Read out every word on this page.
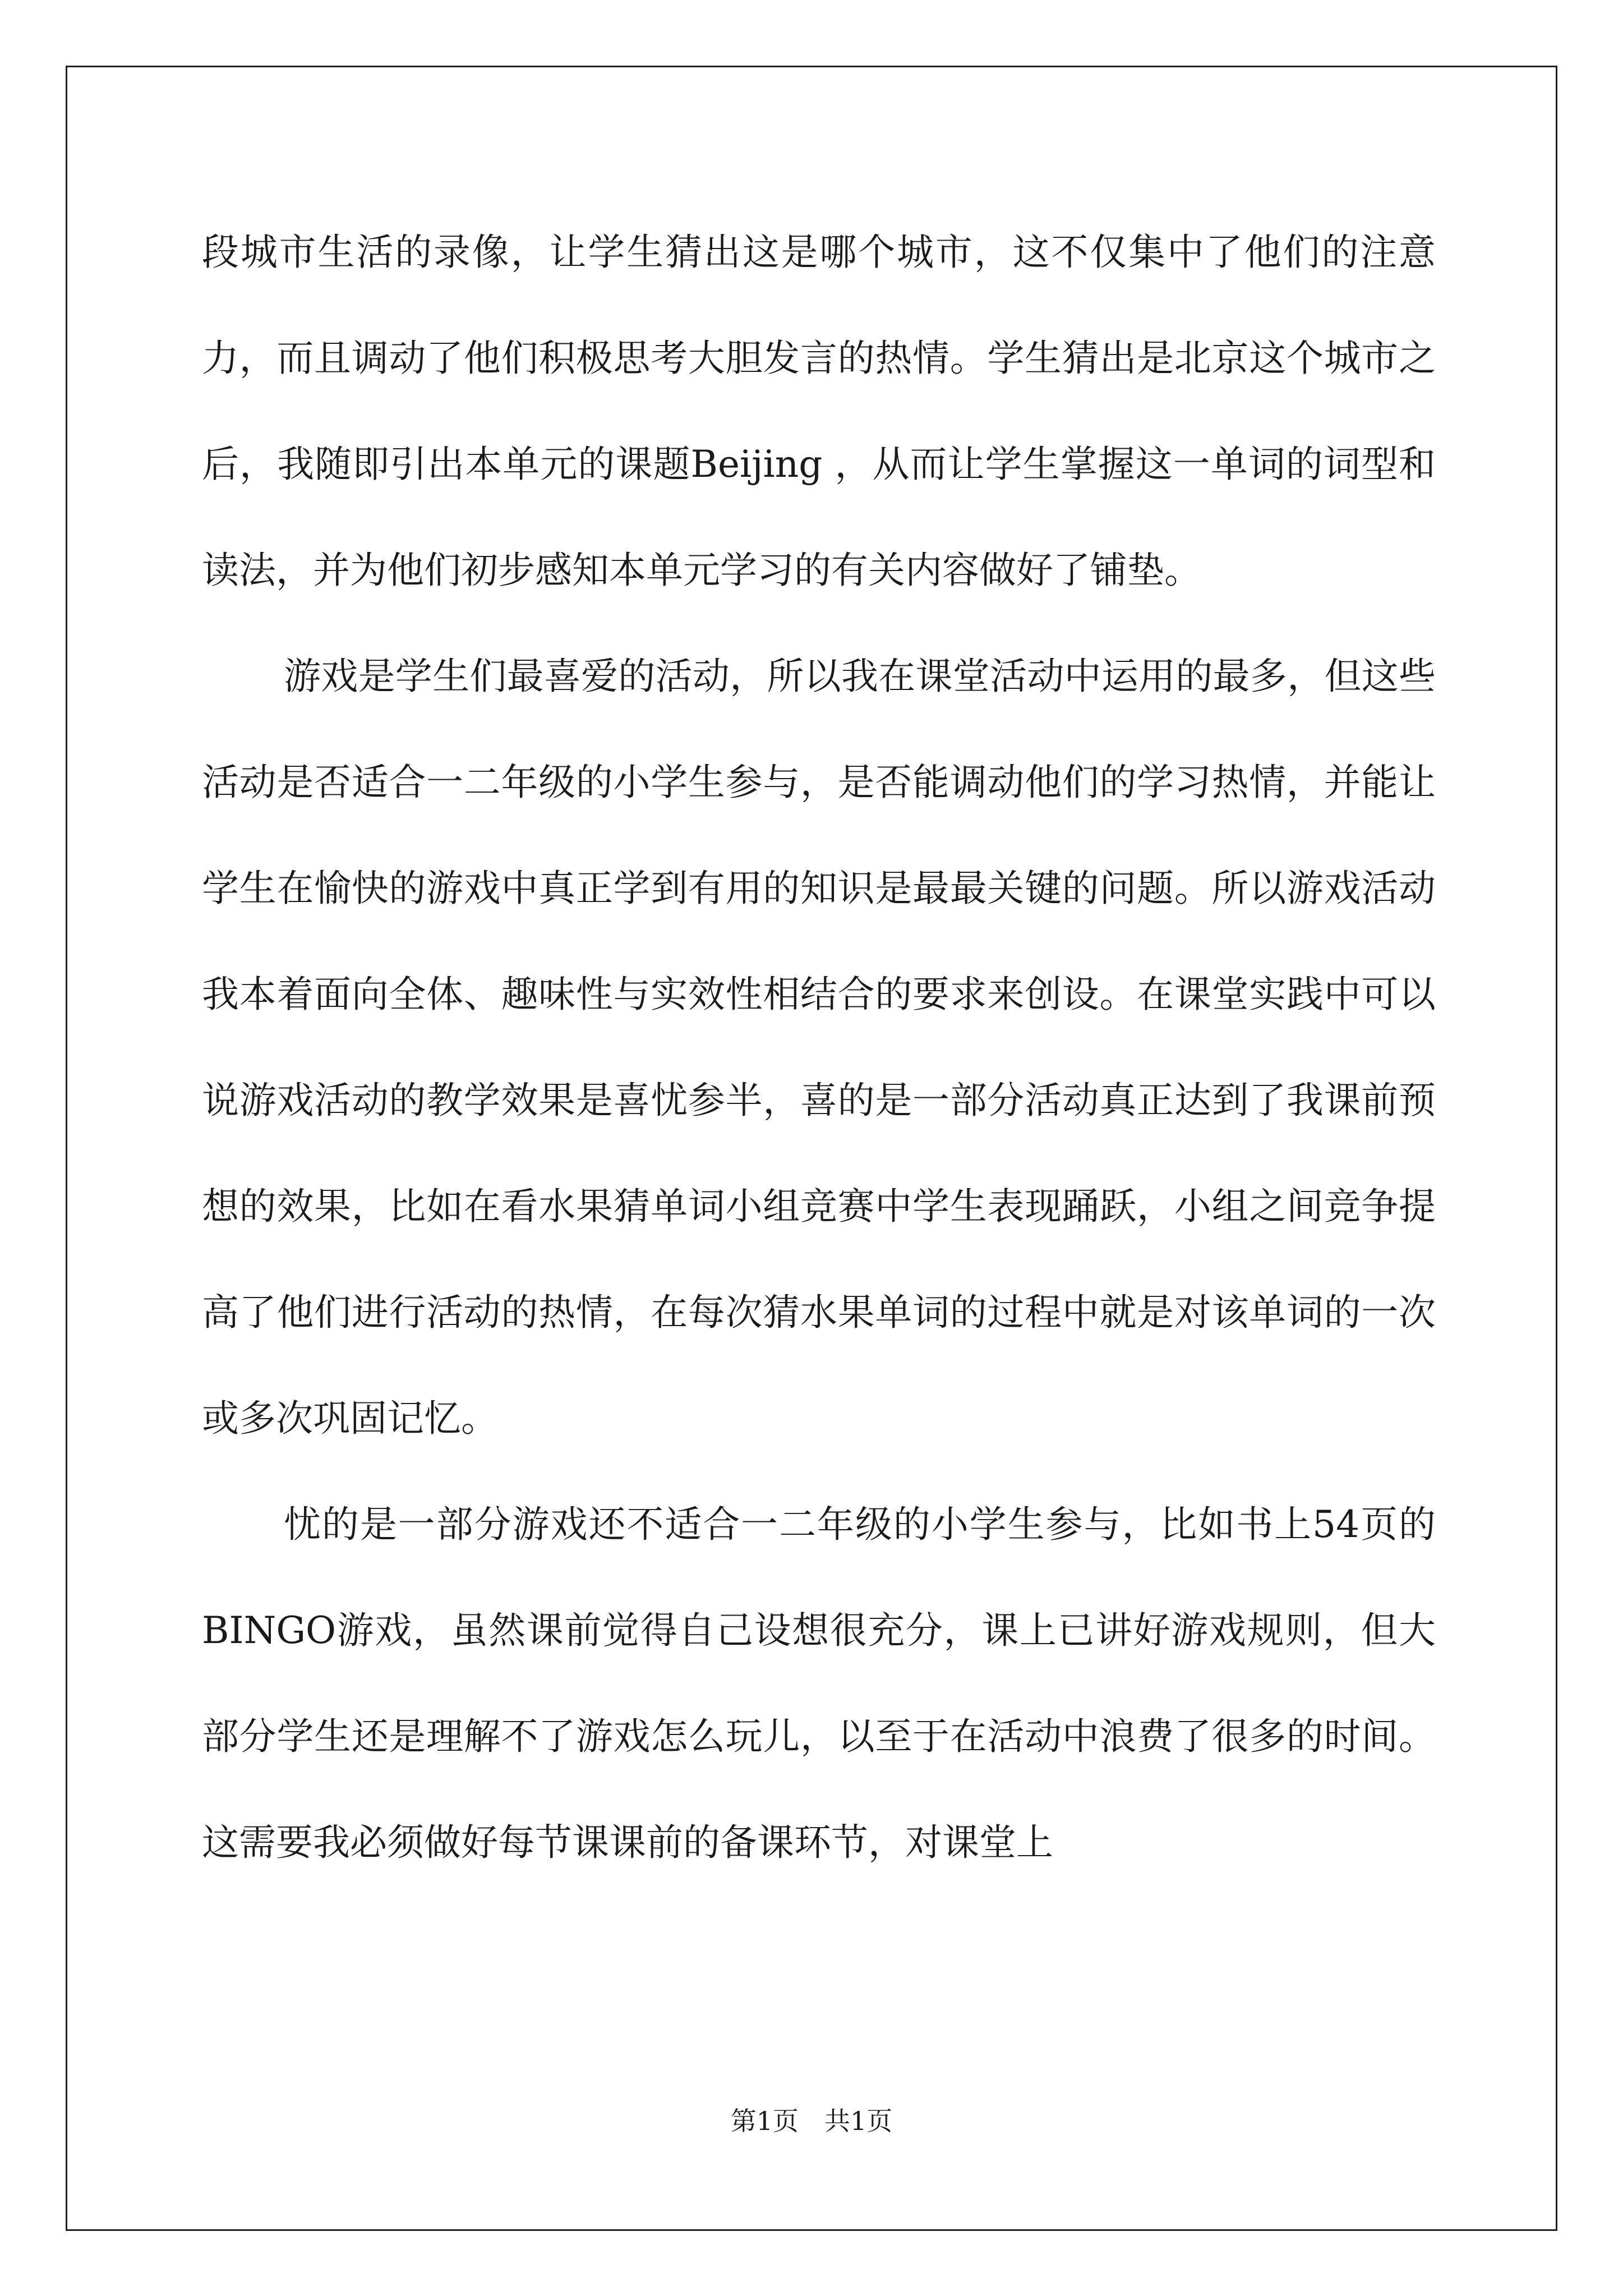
段城市生活的录像，让学生猜出这是哪个城市，这不仅集中了他们的注意力，而且调动了他们积极思考大胆发言的热情。学生猜出是北京这个城市之后，我随即引出本单元的课题Beijing ，从而让学生掌握这一单词的词型和读法，并为他们初步感知本单元学习的有关内容做好了铺垫。

游戏是学生们最喜爱的活动，所以我在课堂活动中运用的最多，但这些活动是否适合一二年级的小学生参与，是否能调动他们的学习热情，并能让学生在愉快的游戏中真正学到有用的知识是最最关键的问题。所以游戏活动我本着面向全体、趣味性与实效性相结合的要求来创设。在课堂实践中可以说游戏活动的教学效果是喜忧参半，喜的是一部分活动真正达到了我课前预想的效果，比如在看水果猜单词小组竞赛中学生表现踊跃，小组之间竞争提高了他们进行活动的热情，在每次猜水果单词的过程中就是对该单词的一次或多次巩固记忆。

忧的是一部分游戏还不适合一二年级的小学生参与，比如书上54页的BINGO游戏，虽然课前觉得自己设想很充分，课上已讲好游戏规则，但大部分学生还是理解不了游戏怎么玩儿，以至于在活动中浪费了很多的时间。这需要我必须做好每节课课前的备课环节，对课堂上

第1页　共1页
